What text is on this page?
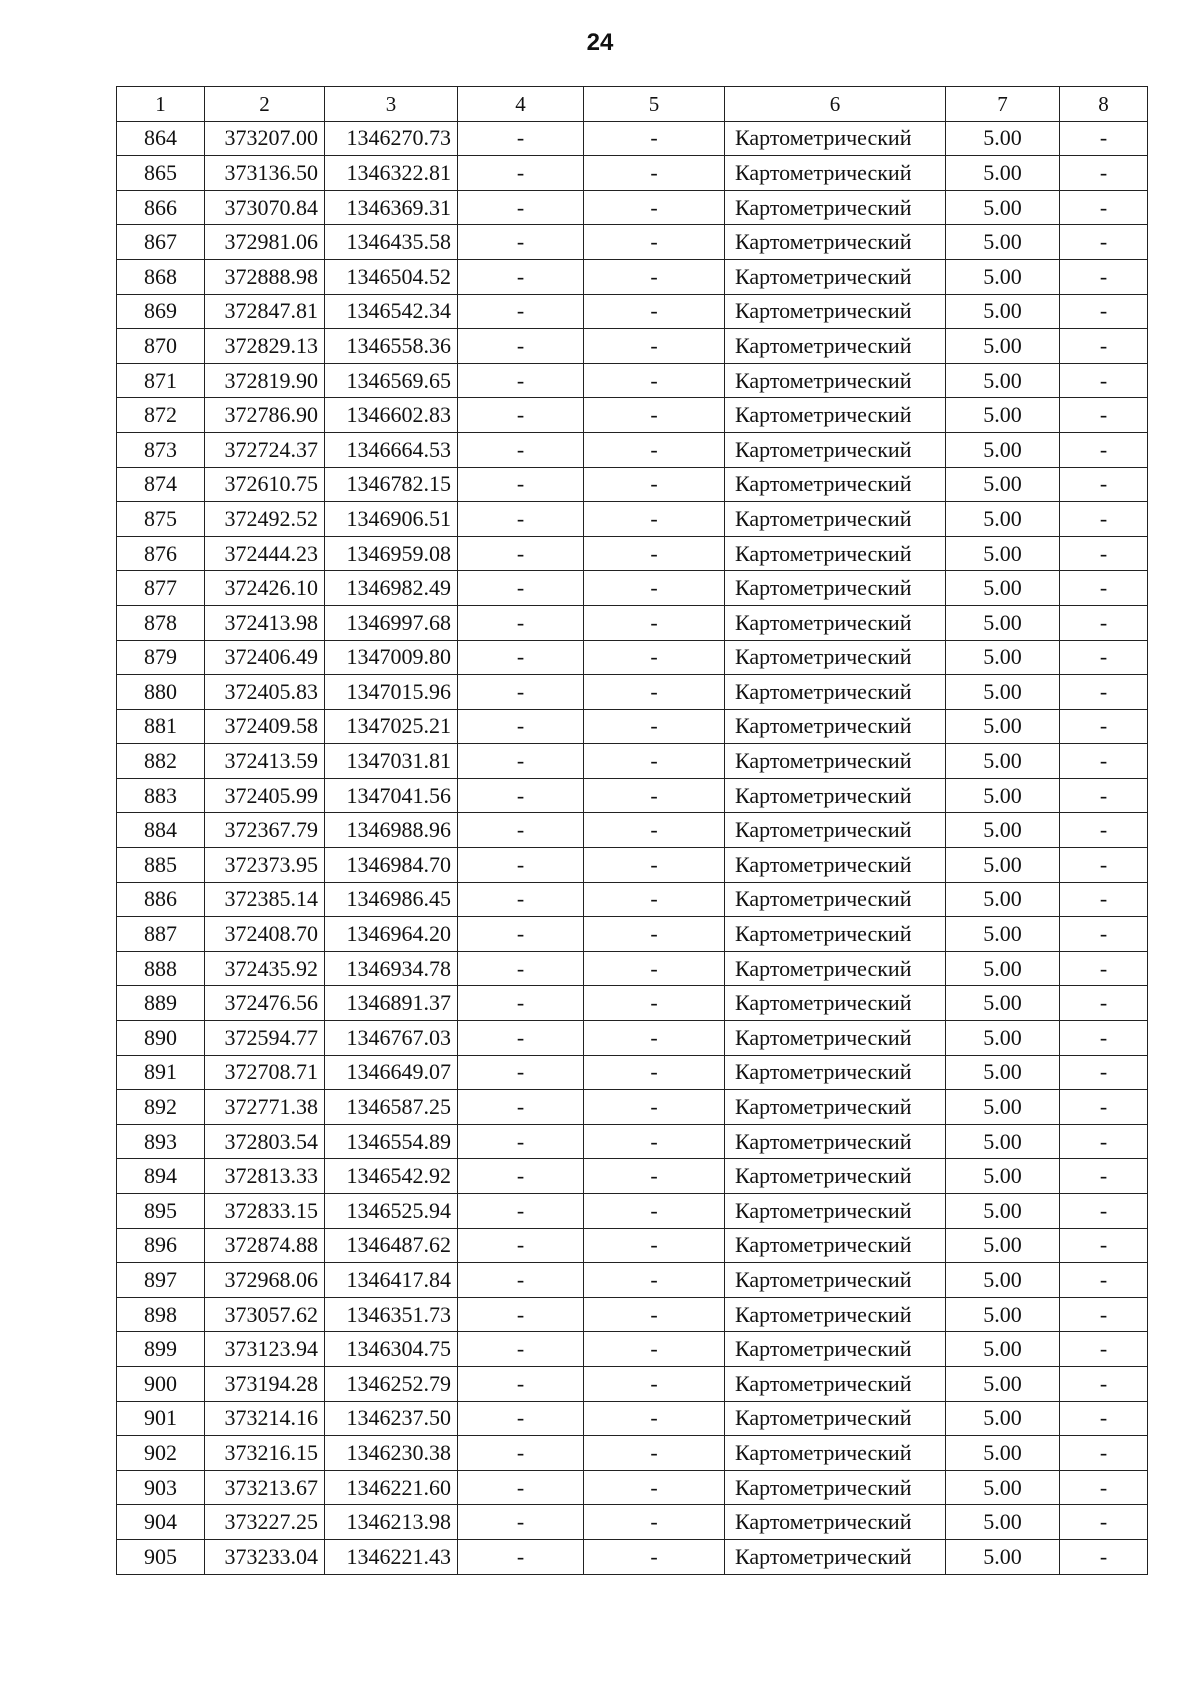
24
1	2	3	4	5	6	7	8
864	373207.00	1346270.73	-	-	Картометрический	5.00	-
865	373136.50	1346322.81	-	-	Картометрический	5.00	-
866	373070.84	1346369.31	-	-	Картометрический	5.00	-
867	372981.06	1346435.58	-	-	Картометрический	5.00	-
868	372888.98	1346504.52	-	-	Картометрический	5.00	-
869	372847.81	1346542.34	-	-	Картометрический	5.00	-
870	372829.13	1346558.36	-	-	Картометрический	5.00	-
871	372819.90	1346569.65	-	-	Картометрический	5.00	-
872	372786.90	1346602.83	-	-	Картометрический	5.00	-
873	372724.37	1346664.53	-	-	Картометрический	5.00	-
874	372610.75	1346782.15	-	-	Картометрический	5.00	-
875	372492.52	1346906.51	-	-	Картометрический	5.00	-
876	372444.23	1346959.08	-	-	Картометрический	5.00	-
877	372426.10	1346982.49	-	-	Картометрический	5.00	-
878	372413.98	1346997.68	-	-	Картометрический	5.00	-
879	372406.49	1347009.80	-	-	Картометрический	5.00	-
880	372405.83	1347015.96	-	-	Картометрический	5.00	-
881	372409.58	1347025.21	-	-	Картометрический	5.00	-
882	372413.59	1347031.81	-	-	Картометрический	5.00	-
883	372405.99	1347041.56	-	-	Картометрический	5.00	-
884	372367.79	1346988.96	-	-	Картометрический	5.00	-
885	372373.95	1346984.70	-	-	Картометрический	5.00	-
886	372385.14	1346986.45	-	-	Картометрический	5.00	-
887	372408.70	1346964.20	-	-	Картометрический	5.00	-
888	372435.92	1346934.78	-	-	Картометрический	5.00	-
889	372476.56	1346891.37	-	-	Картометрический	5.00	-
890	372594.77	1346767.03	-	-	Картометрический	5.00	-
891	372708.71	1346649.07	-	-	Картометрический	5.00	-
892	372771.38	1346587.25	-	-	Картометрический	5.00	-
893	372803.54	1346554.89	-	-	Картометрический	5.00	-
894	372813.33	1346542.92	-	-	Картометрический	5.00	-
895	372833.15	1346525.94	-	-	Картометрический	5.00	-
896	372874.88	1346487.62	-	-	Картометрический	5.00	-
897	372968.06	1346417.84	-	-	Картометрический	5.00	-
898	373057.62	1346351.73	-	-	Картометрический	5.00	-
899	373123.94	1346304.75	-	-	Картометрический	5.00	-
900	373194.28	1346252.79	-	-	Картометрический	5.00	-
901	373214.16	1346237.50	-	-	Картометрический	5.00	-
902	373216.15	1346230.38	-	-	Картометрический	5.00	-
903	373213.67	1346221.60	-	-	Картометрический	5.00	-
904	373227.25	1346213.98	-	-	Картометрический	5.00	-
905	373233.04	1346221.43	-	-	Картометрический	5.00	-
